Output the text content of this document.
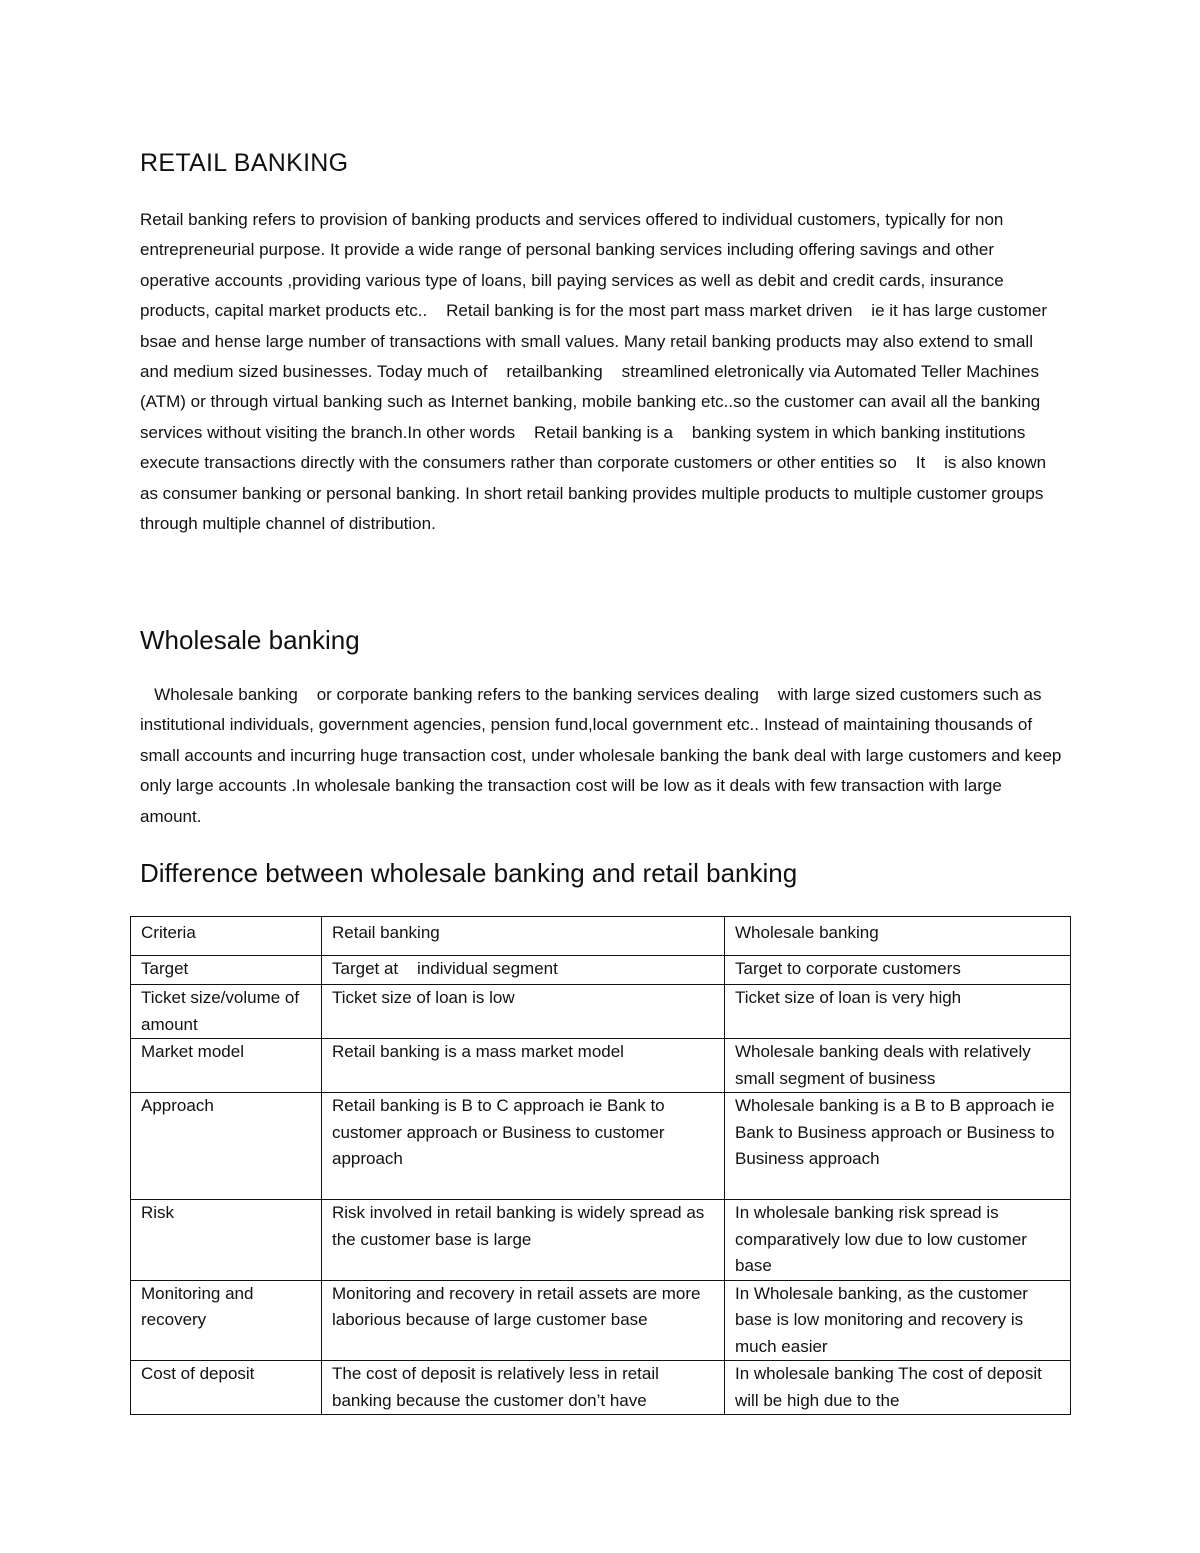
RETAIL BANKING

Retail banking refers to provision of banking products and services offered to individual customers, typically for non entrepreneurial purpose. It provide a wide range of personal banking services including offering savings and other operative accounts ,providing various type of loans, bill paying services as well as debit and credit cards, insurance products, capital market products etc..    Retail banking is for the most part mass market driven    ie it has large customer bsae and hense large number of transactions with small values. Many retail banking products may also extend to small and medium sized businesses. Today much of    retailbanking    streamlined eletronically via Automated Teller Machines (ATM) or through virtual banking such as Internet banking, mobile banking etc..so the customer can avail all the banking services without visiting the branch.In other words    Retail banking is a    banking system in which banking institutions    execute transactions directly with the consumers rather than corporate customers or other entities so    It    is also known as consumer banking or personal banking. In short retail banking provides multiple products to multiple customer groups through multiple channel of distribution.

Wholesale banking

Wholesale banking    or corporate banking refers to the banking services dealing    with large sized customers such as institutional individuals, government agencies, pension fund,local government etc.. Instead of maintaining thousands of small accounts and incurring huge transaction cost, under wholesale banking the bank deal with large customers and keep only large accounts .In wholesale banking the transaction cost will be low as it deals with few transaction with large amount.

Difference between wholesale banking and retail banking
Criteria	Retail banking	Wholesale banking
Target	Target at    individual segment	Target to corporate customers
Ticket size/volume of amount	Ticket size of loan is low	Ticket size of loan is very high
Market model	Retail banking is a mass market model	Wholesale banking deals with relatively small segment of business
Approach	Retail banking is B to C approach ie Bank to customer approach or Business to customer approach	Wholesale banking is a B to B approach ie    Bank to Business approach or Business to Business approach
Risk	Risk involved in retail banking is widely spread as the customer base is large	In wholesale banking risk spread is comparatively low due to low customer base
Monitoring and recovery	Monitoring and recovery in retail assets are more laborious because of large customer base	In Wholesale banking, as the customer base is low monitoring and recovery is much easier
Cost of deposit	The cost of deposit is relatively less in retail banking because the customer don’t have	In wholesale banking The cost of deposit will be high due to the
